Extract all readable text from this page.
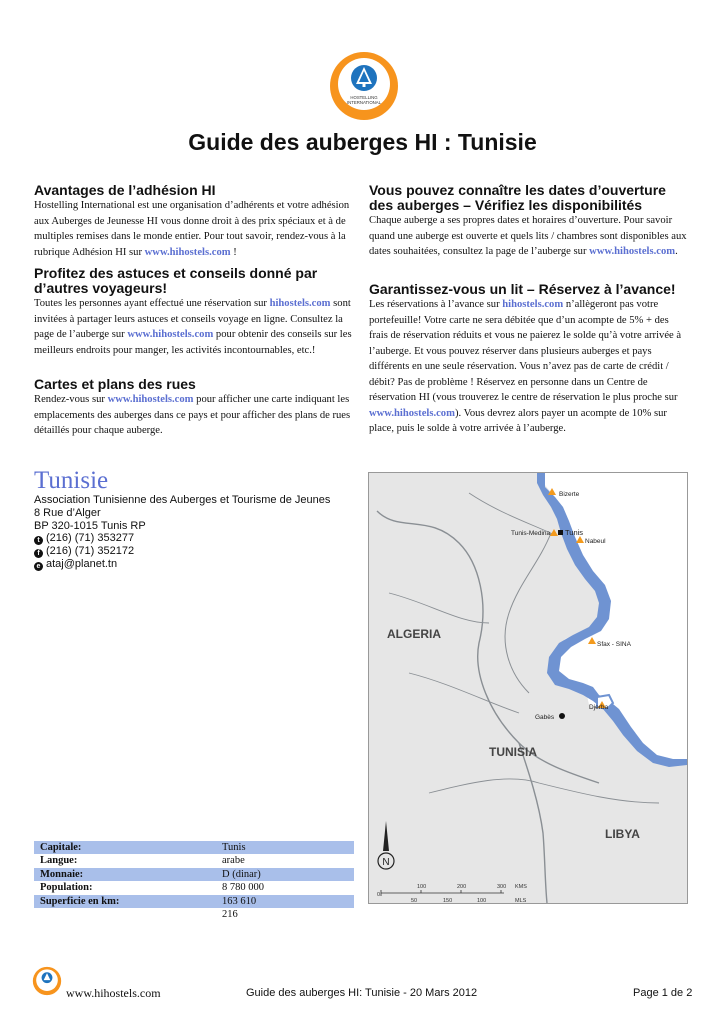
HOSTELLING
INTERNATIONAL
Guide des auberges HI : Tunisie
Avantages de l’adhésion HI

Hostelling International est une organisation d’adhérents et votre adhésion aux Auberges de Jeunesse HI vous donne droit à des prix spéciaux et à de multiples remises dans le monde entier. Pour tout savoir, rendez-vous à la rubrique Adhésion HI sur www.hihostels.com !

Profitez des astuces et conseils donné par d’autres voyageurs!

Toutes les personnes ayant effectué une réservation sur hihostels.com sont invitées à partager leurs astuces et conseils voyage en ligne. Consultez la page de l’auberge sur www.hihostels.com pour obtenir des conseils sur les meilleurs endroits pour manger, les activités incontournables, etc.!

Cartes et plans des rues

Rendez-vous sur www.hihostels.com pour afficher une carte indiquant les emplacements des auberges dans ce pays et pour afficher des plans de rues détaillés pour chaque auberge.

Vous pouvez connaître les dates d’ouverture des auberges – Vérifiez les disponibilités

Chaque auberge a ses propres dates et horaires d’ouverture. Pour savoir quand une auberge est ouverte et quels lits / chambres sont disponibles aux dates souhaitées, consultez la page de l’auberge sur www.hihostels.com.

Garantissez-vous un lit – Réservez à l’avance!

Les réservations à l’avance sur hihostels.com n’allègeront pas votre portefeuille! Votre carte ne sera débitée que d’un acompte de 5% + des frais de réservation réduits et vous ne paierez le solde qu’à votre arrivée à l’auberge. Et vous pouvez réserver dans plusieurs auberges et pays différents en une seule réservation. Vous n’avez pas de carte de crédit / débit? Pas de problème ! Réservez en personne dans un Centre de réservation HI (vous trouverez le centre de réservation le plus proche sur www.hihostels.com). Vous devrez alors payer un acompte de 10% sur place, puis le solde à votre arrivée à l’auberge.

Tunisie
Association Tunisienne des Auberges et Tourisme de Jeunes
8 Rue d’Alger
BP 320-1015 Tunis RP
t (216) (71) 353277
f (216) (71) 352172
e ataj@planet.tn
Capitale:	Tunis
Langue:	arabe
Monnaie:	D (dinar)
Population:	8 780 000
Superficie en km:	163 610
	216
Bizerte
Tunis-Medina Tunis
Nabeul
Sfax - SINA
Djerba
Gabès
ALGERIA
TUNISIA
LIBYA
N
0
100	200	300 KMS
50	150	100	MLS
www.hihostels.com	Guide des auberges HI: Tunisie - 20 Mars 2012	Page 1 de 2
